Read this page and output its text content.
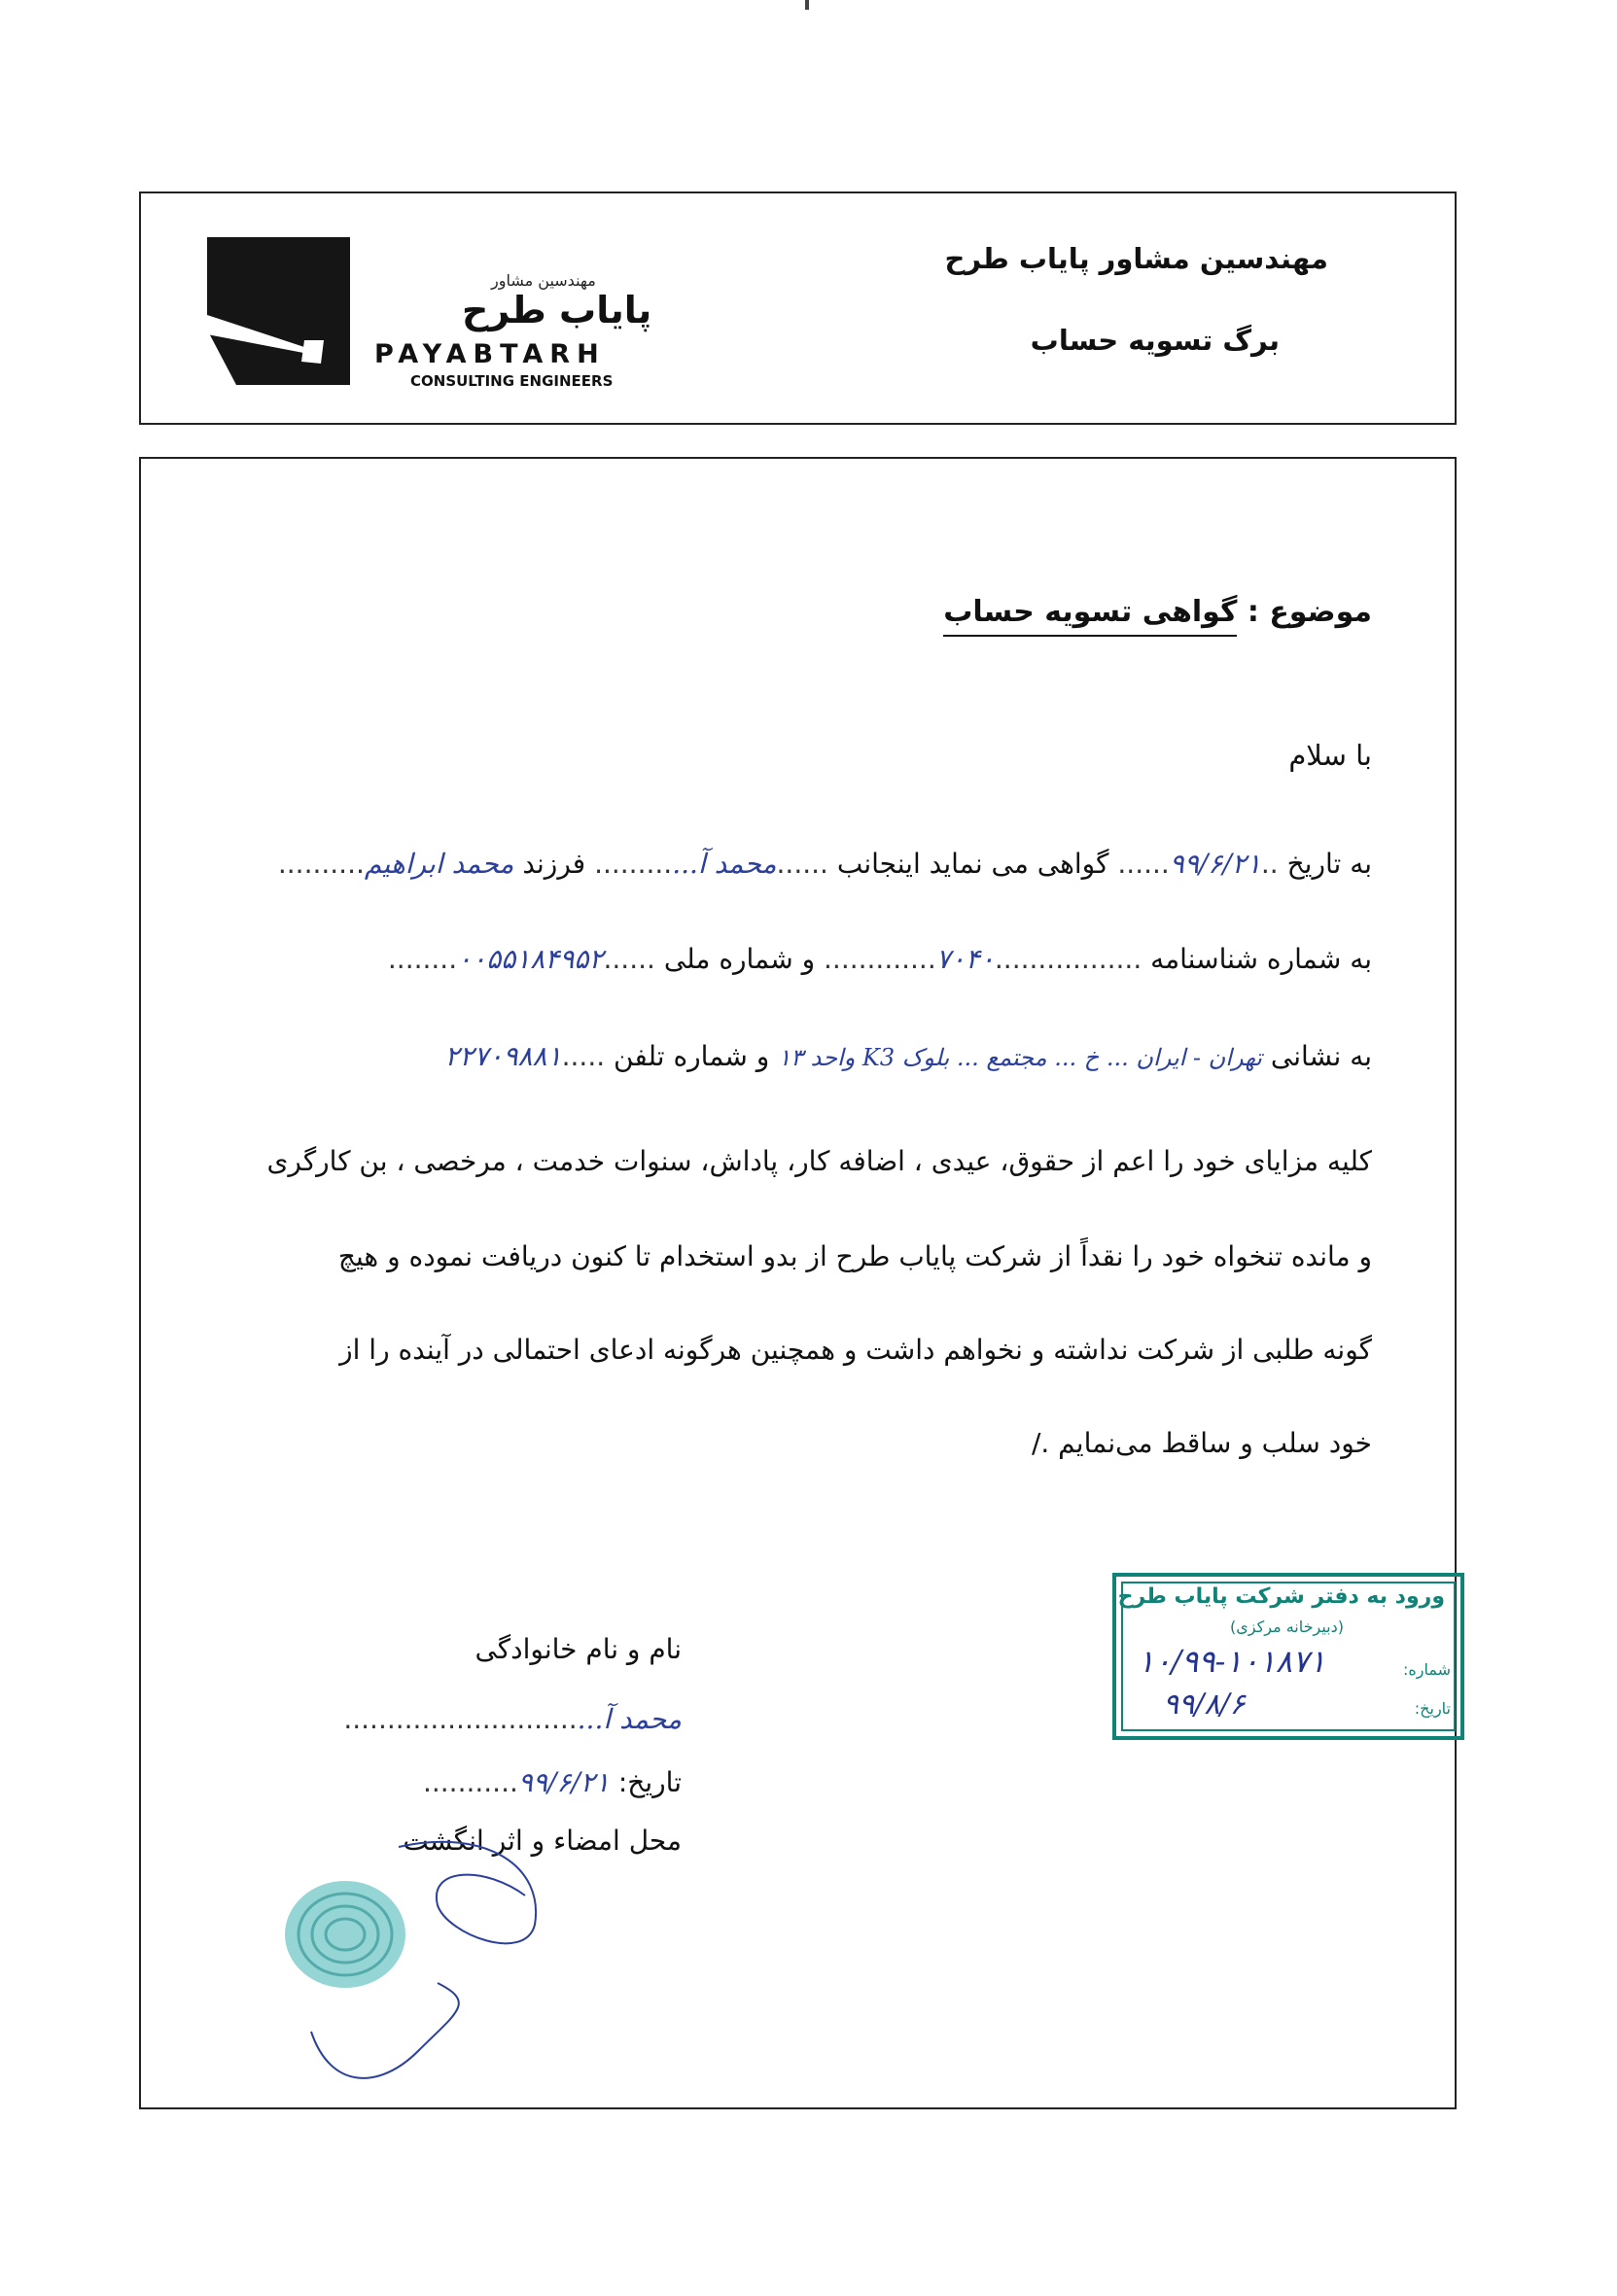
مهندسین مشاور
پایاب طرح
PAYABTARH
CONSULTING ENGINEERS
مهندسین مشاور پایاب طرح
برگ تسویه حساب
موضوع : گواهی تسویه حساب
با سلام
به تاریخ ..۹۹/۶/۲۱...... گواهی می نماید اینجانب ......محمد آ............ فرزند محمد ابراهیم..........
به شماره شناسنامه .................۷۰۴۰............. و شماره ملی ......۰۰۵۵۱۸۴۹۵۲........
به نشانی تهران - ایران ... خ ... مجتمع ... بلوک K3 واحد ۱۳ و شماره تلفن .....۲۲۷۰۹۸۸۱
کلیه مزایای خود را اعم از حقوق، عیدی ، اضافه کار، پاداش، سنوات خدمت ، مرخصی ، بن کارگری
و مانده تنخواه خود را نقداً از شرکت پایاب طرح از بدو استخدام تا کنون دریافت نموده و هیچ
گونه طلبی از شرکت نداشته و نخواهم داشت و همچنین هرگونه ادعای احتمالی در آینده را از
خود سلب و ساقط می‌نمایم ./
نام و نام خانوادگی
محمد آ..............................
تاریخ: ۹۹/۶/۲۱...........
محل امضاء و اثر انگشت
ورود به دفتر شرکت پایاب طرح
(دبیرخانه مرکزی)
شماره:
تاریخ:
۱۰/۹۹-۱۰۱۸۷۱
۹۹/۸/۶
